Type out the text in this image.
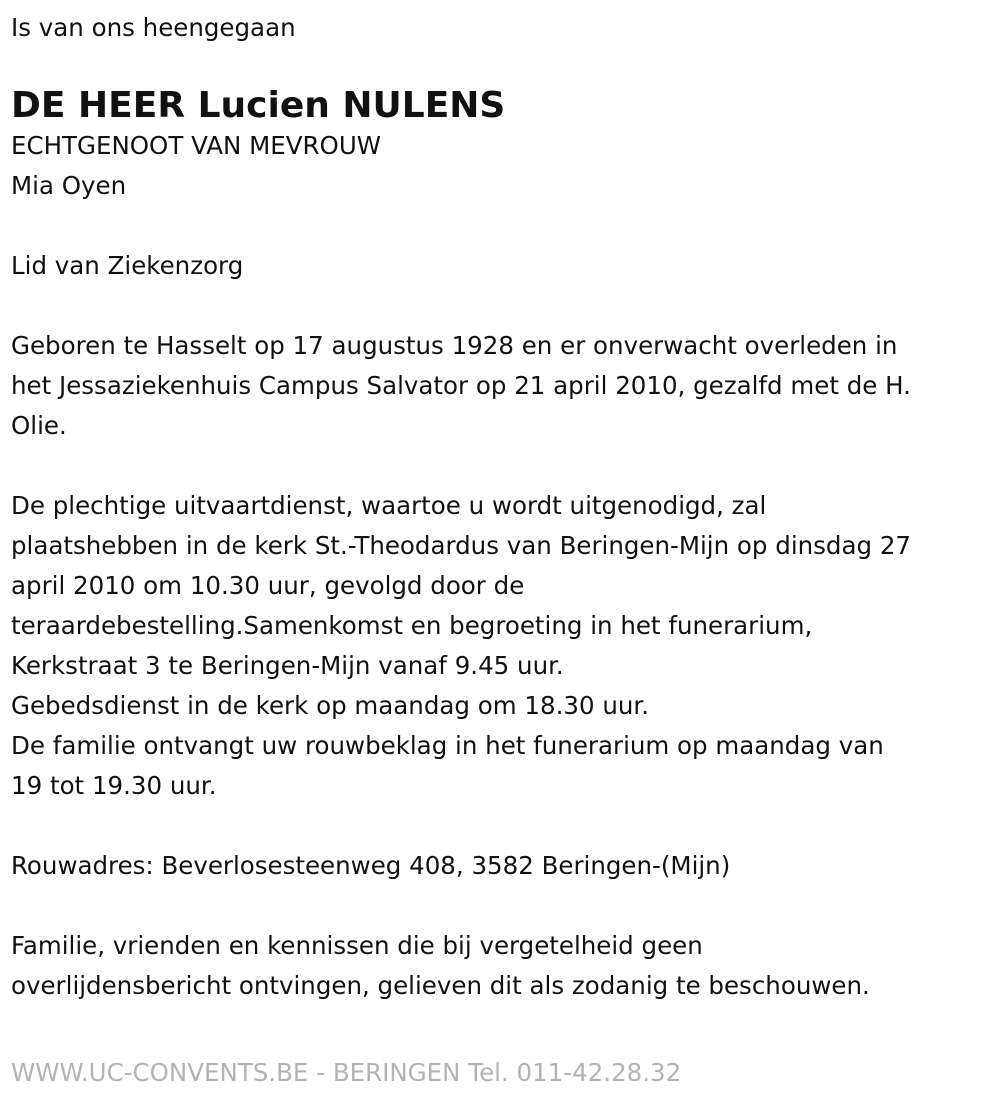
Is van ons heengegaan
DE HEER Lucien NULENS
ECHTGENOOT VAN MEVROUW
Mia Oyen
Lid van Ziekenzorg
Geboren te Hasselt op 17 augustus 1928 en er onverwacht overleden in
het Jessaziekenhuis Campus Salvator op 21 april 2010, gezalfd met de H.
Olie.
De plechtige uitvaartdienst, waartoe u wordt uitgenodigd, zal
plaatshebben in de kerk St.-Theodardus van Beringen-Mijn op dinsdag 27
april 2010 om 10.30 uur, gevolgd door de
teraardebestelling.Samenkomst en begroeting in het funerarium,
Kerkstraat 3 te Beringen-Mijn vanaf 9.45 uur.
Gebedsdienst in de kerk op maandag om 18.30 uur.
De familie ontvangt uw rouwbeklag in het funerarium op maandag van
19 tot 19.30 uur.
Rouwadres: Beverlosesteenweg 408, 3582 Beringen-(Mijn)
Familie, vrienden en kennissen die bij vergetelheid geen
overlijdensbericht ontvingen, gelieven dit als zodanig te beschouwen.
WWW.UC-CONVENTS.BE - BERINGEN Tel. 011-42.28.32
